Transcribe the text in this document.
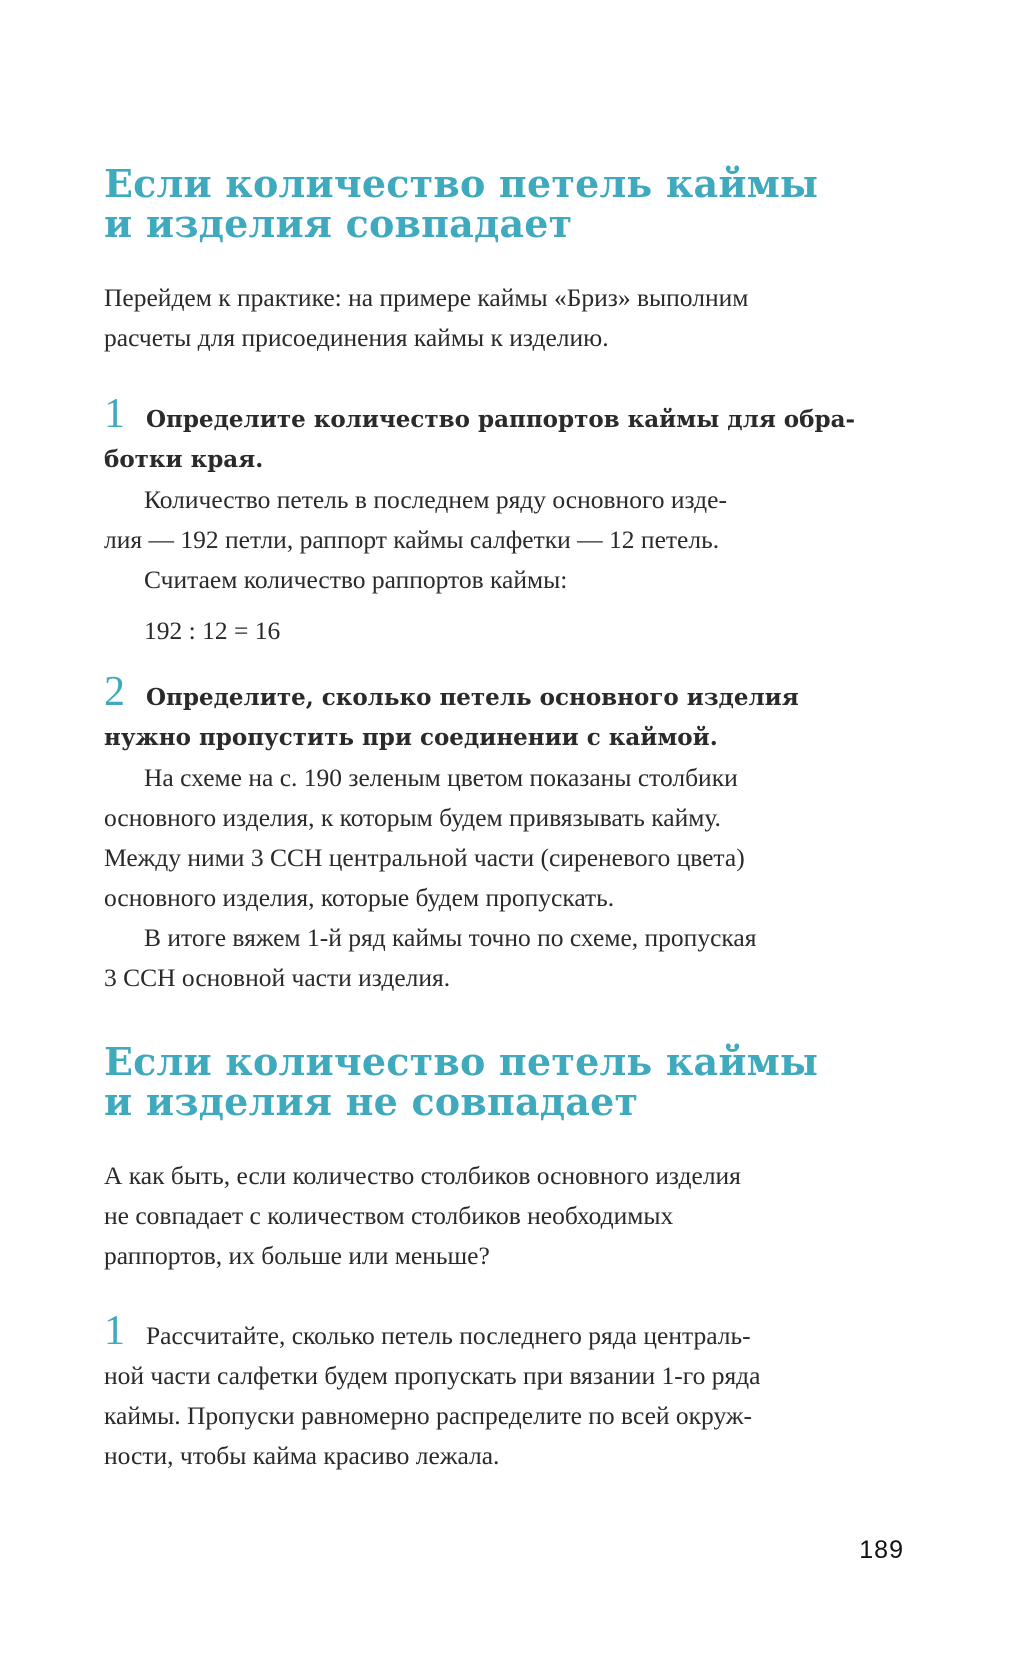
Если количество петель каймы
и изделия совпадает

Перейдем к практике: на примере каймы «Бриз» выполним
расчеты для присоединения каймы к изделию.

1 Определите количество раппортов каймы для обра-
ботки края.
Количество петель в последнем ряду основного изде-
лия — 192 петли, раппорт каймы салфетки — 12 петель.
Считаем количество раппортов каймы:
192 : 12 = 16
2 Определите, сколько петель основного изделия
нужно пропустить при соединении с каймой.
На схеме на с. 190 зеленым цветом показаны столбики
основного изделия, к которым будем привязывать кайму.
Между ними 3 ССН центральной части (сиреневого цвета)
основного изделия, которые будем пропускать.
В итоге вяжем 1-й ряд каймы точно по схеме, пропуская
3 ССН основной части изделия.
Если количество петель каймы
и изделия не совпадает

А как быть, если количество столбиков основного изделия
не совпадает с количеством столбиков необходимых
раппортов, их больше или меньше?

1 Рассчитайте, сколько петель последнего ряда централь-
ной части салфетки будем пропускать при вязании 1-го ряда
каймы. Пропуски равномерно распределите по всей окруж-
ности, чтобы кайма красиво лежала.
189
